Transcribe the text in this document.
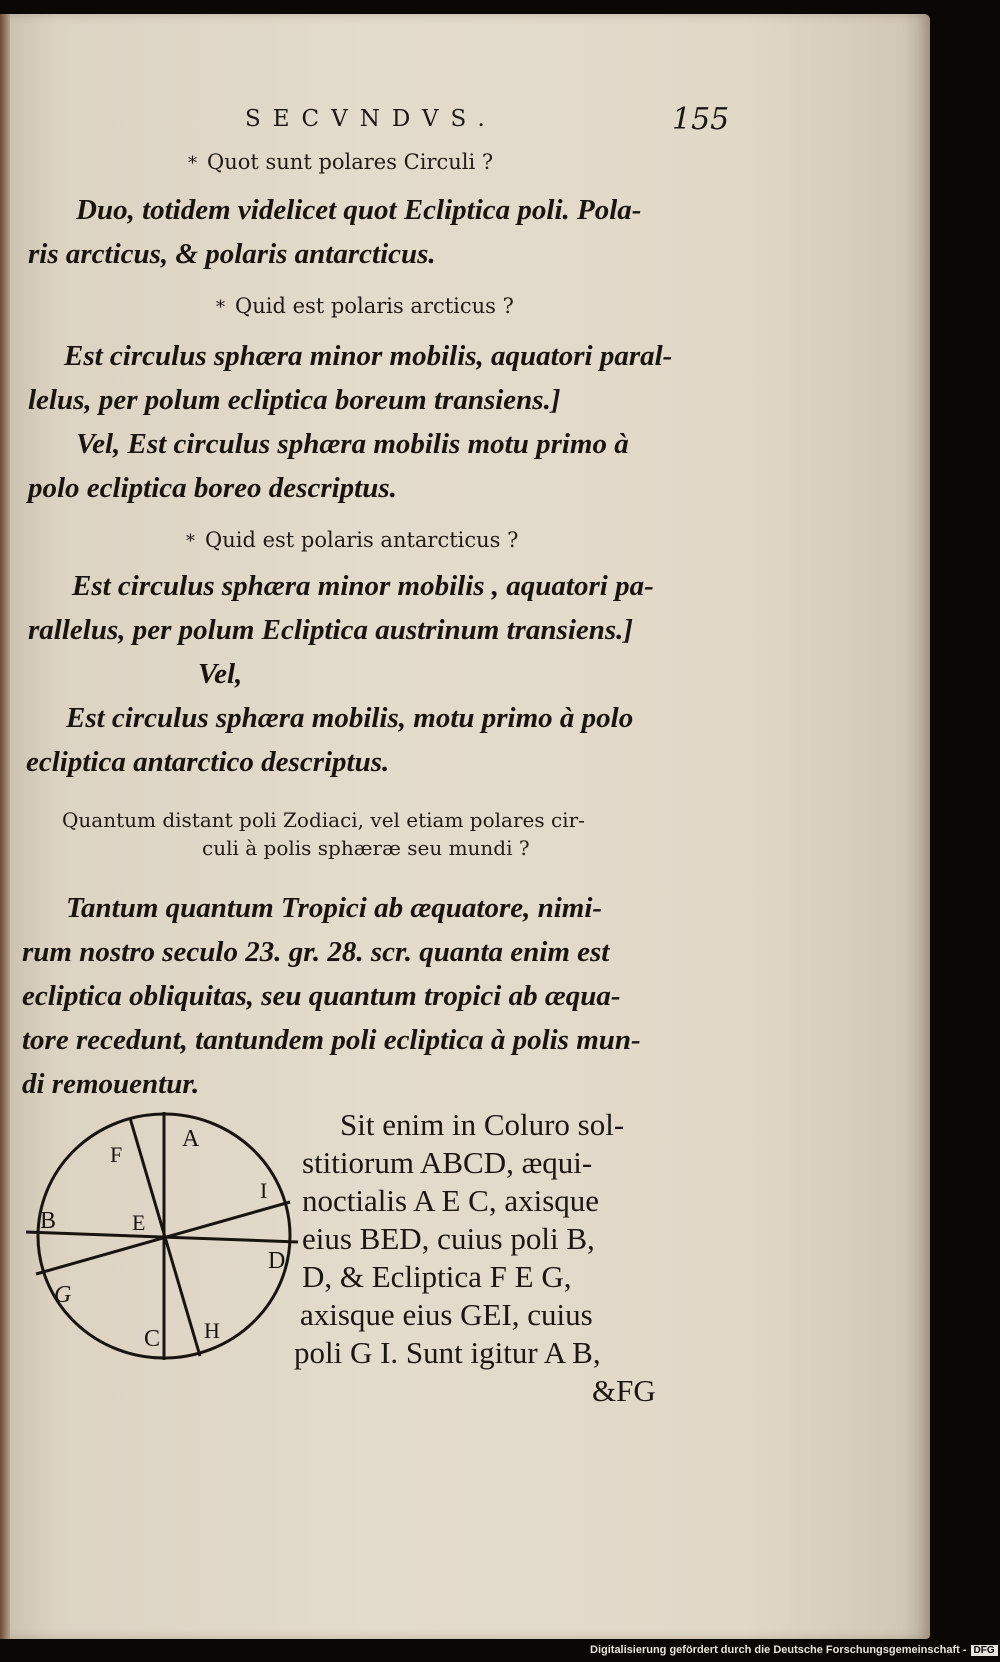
SECVNDVS.	155
* Quot sunt polares Circuli ?
Duo, totidem videlicet quot Ecliptica poli. Pola-
ris arcticus, & polaris antarcticus.
* Quid est polaris arcticus ?
Est circulus sphæra minor mobilis, aquatori paral-
lelus, per polum ecliptica boreum transiens.]
Vel, Est circulus sphæra mobilis motu primo à
polo ecliptica boreo descriptus.
* Quid est polaris antarcticus ?
Est circulus sphæra minor mobilis , aquatori pa-
rallelus, per polum Ecliptica austrinum transiens.]
Vel,
Est circulus sphæra mobilis, motu primo à polo
ecliptica antarctico descriptus.
Quantum distant poli Zodiaci, vel etiam polares cir-
culi à polis sphæræ seu mundi ?
Tantum quantum Tropici ab æquatore, nimi-
rum nostro seculo 23. gr. 28. scr. quanta enim est
ecliptica obliquitas, seu quantum tropici ab æqua-
tore recedunt, tantundem poli ecliptica à polis mun-
di remouentur.
A
B
C
D
E
F
G
H
I
Sit enim in Coluro sol-
stitiorum ABCD, æqui-
noctialis A E C, axisque
eius BED, cuius poli B,
D, & Ecliptica F E G,
axisque eius GEI, cuius
poli G I. Sunt igitur A B,
&FG
Digitalisierung gefördert durch die Deutsche Forschungsgemeinschaft - DFG
